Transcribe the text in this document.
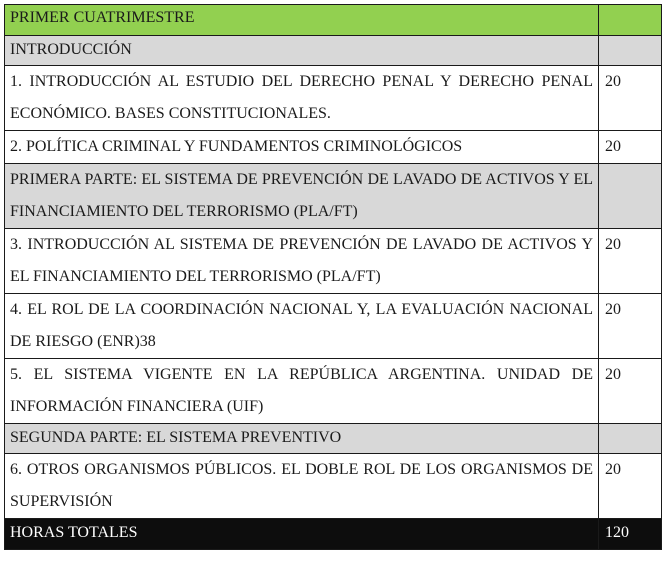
PRIMER CUATRIMESTRE	
INTRODUCCIÓN	
1. INTRODUCCIÓN AL ESTUDIO DEL DERECHO PENAL Y DERECHO PENAL ECONÓMICO. BASES CONSTITUCIONALES.	20
2. POLÍTICA CRIMINAL Y FUNDAMENTOS CRIMINOLÓGICOS	20
PRIMERA PARTE: EL SISTEMA DE PREVENCIÓN DE LAVADO DE ACTIVOS Y EL FINANCIAMIENTO DEL TERRORISMO (PLA/FT)	
3. INTRODUCCIÓN AL SISTEMA DE PREVENCIÓN DE LAVADO DE ACTIVOS Y EL FINANCIAMIENTO DEL TERRORISMO (PLA/FT)	20
4. EL ROL DE LA COORDINACIÓN NACIONAL Y, LA EVALUACIÓN NACIONAL DE RIESGO (ENR)38	20
5. EL SISTEMA VIGENTE EN LA REPÚBLICA ARGENTINA. UNIDAD DE INFORMACIÓN FINANCIERA (UIF)	20
SEGUNDA PARTE: EL SISTEMA PREVENTIVO	
6. OTROS ORGANISMOS PÚBLICOS. EL DOBLE ROL DE LOS ORGANISMOS DE SUPERVISIÓN	20
HORAS TOTALES	120
